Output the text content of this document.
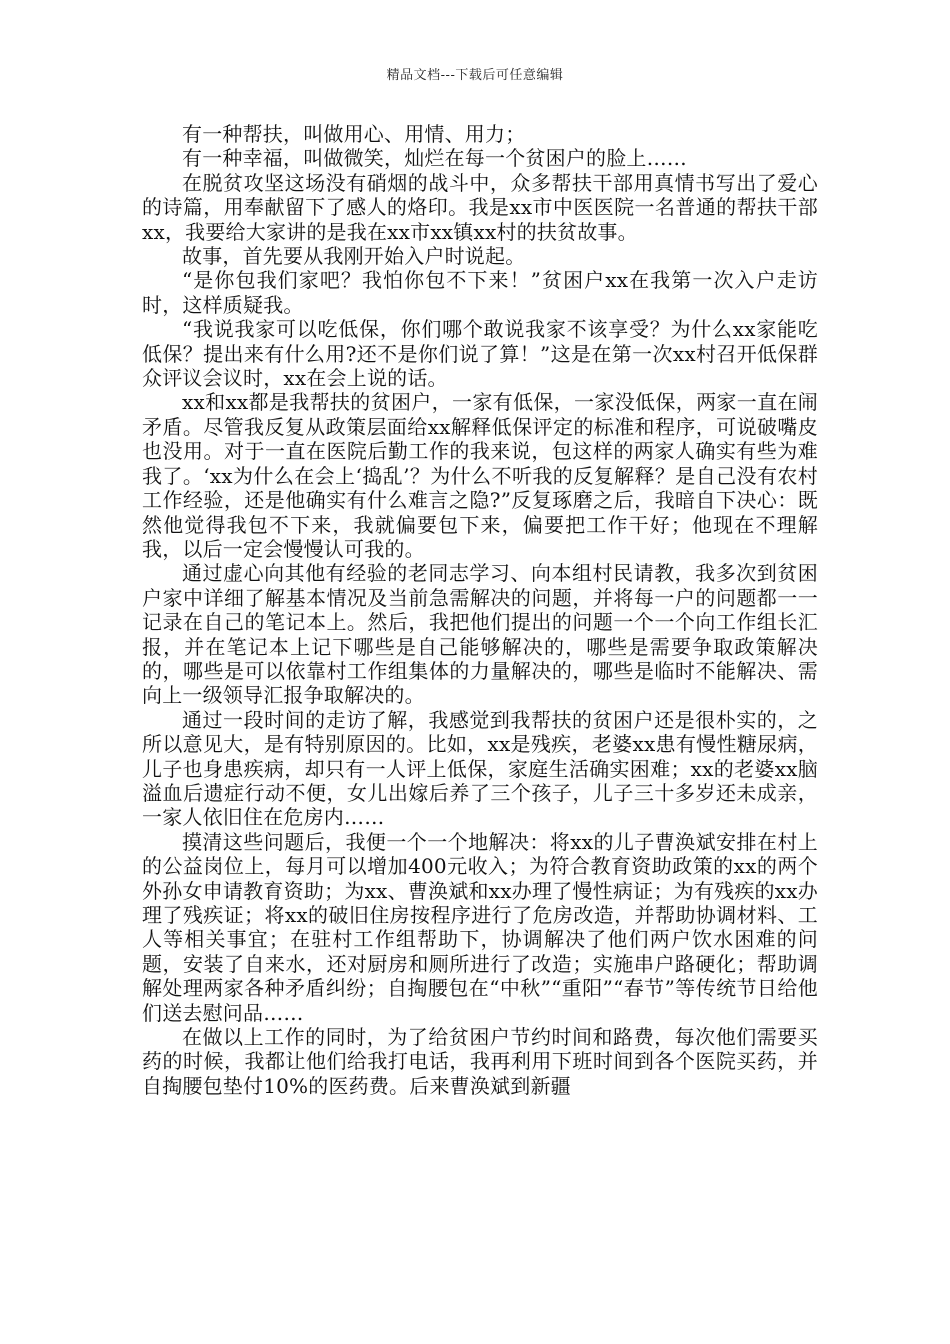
精品文档---下载后可任意编辑

有一种帮扶，叫做用心、用情、用力；

有一种幸福，叫做微笑，灿烂在每一个贫困户的脸上……

在脱贫攻坚这场没有硝烟的战斗中，众多帮扶干部用真情书写出了爱心的诗篇，用奉献留下了感人的烙印。我是xx市中医医院一名普通的帮扶干部xx，我要给大家讲的是我在xx市xx镇xx村的扶贫故事。

故事，首先要从我刚开始入户时说起。

“是你包我们家吧？我怕你包不下来！”贫困户xx在我第一次入户走访时，这样质疑我。

“我说我家可以吃低保，你们哪个敢说我家不该享受？为什么xx家能吃低保？提出来有什么用?还不是你们说了算！”这是在第一次xx村召开低保群众评议会议时，xx在会上说的话。

xx和xx都是我帮扶的贫困户，一家有低保，一家没低保，两家一直在闹矛盾。尽管我反复从政策层面给xx解释低保评定的标准和程序，可说破嘴皮也没用。对于一直在医院后勤工作的我来说，包这样的两家人确实有些为难我了。‘xx为什么在会上‘捣乱’？为什么不听我的反复解释？是自己没有农村工作经验，还是他确实有什么难言之隐?”反复琢磨之后，我暗自下决心：既然他觉得我包不下来，我就偏要包下来，偏要把工作干好；他现在不理解我，以后一定会慢慢认可我的。

通过虚心向其他有经验的老同志学习、向本组村民请教，我多次到贫困户家中详细了解基本情况及当前急需解决的问题，并将每一户的问题都一一记录在自己的笔记本上。然后，我把他们提出的问题一个一个向工作组长汇报，并在笔记本上记下哪些是自己能够解决的，哪些是需要争取政策解决的，哪些是可以依靠村工作组集体的力量解决的，哪些是临时不能解决、需向上一级领导汇报争取解决的。

通过一段时间的走访了解，我感觉到我帮扶的贫困户还是很朴实的，之所以意见大，是有特别原因的。比如，xx是残疾，老婆xx患有慢性糖尿病，儿子也身患疾病，却只有一人评上低保，家庭生活确实困难；xx的老婆xx脑溢血后遗症行动不便，女儿出嫁后养了三个孩子，儿子三十多岁还未成亲，一家人依旧住在危房内……

摸清这些问题后，我便一个一个地解决：将xx的儿子曹涣斌安排在村上的公益岗位上，每月可以增加400元收入；为符合教育资助政策的xx的两个外孙女申请教育资助；为xx、曹涣斌和xx办理了慢性病证；为有残疾的xx办理了残疾证；将xx的破旧住房按程序进行了危房改造，并帮助协调材料、工人等相关事宜；在驻村工作组帮助下，协调解决了他们两户饮水困难的问题，安装了自来水，还对厨房和厕所进行了改造；实施串户路硬化；帮助调解处理两家各种矛盾纠纷；自掏腰包在“中秋”“重阳”“春节”等传统节日给他们送去慰问品……

在做以上工作的同时，为了给贫困户节约时间和路费，每次他们需要买药的时候，我都让他们给我打电话，我再利用下班时间到各个医院买药，并自掏腰包垫付10%的医药费。后来曹涣斌到新疆
